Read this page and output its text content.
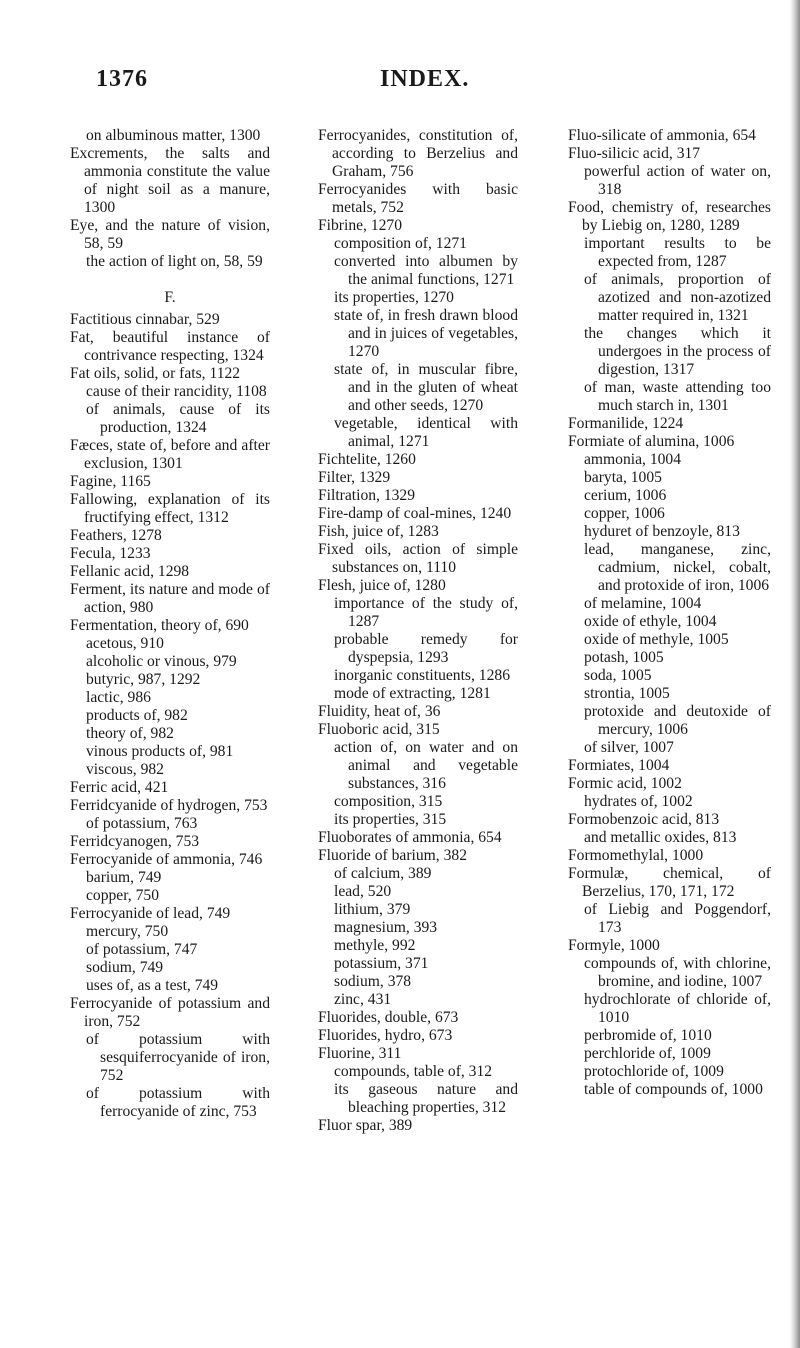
1376	INDEX.

on albuminous matter, 1300

Excrements, the salts and ammonia constitute the value of night soil as a manure, 1300

Eye, and the nature of vision, 58, 59

the action of light on, 58, 59

F.

Factitious cinnabar, 529

Fat, beautiful instance of contrivance respecting, 1324

Fat oils, solid, or fats, 1122

cause of their rancidity, 1108

of animals, cause of its production, 1324

Fæces, state of, before and after exclusion, 1301

Fagine, 1165

Fallowing, explanation of its fructifying effect, 1312

Feathers, 1278

Fecula, 1233

Fellanic acid, 1298

Ferment, its nature and mode of action, 980

Fermentation, theory of, 690

acetous, 910

alcoholic or vinous, 979

butyric, 987, 1292

lactic, 986

products of, 982

theory of, 982

vinous products of, 981

viscous, 982

Ferric acid, 421

Ferridcyanide of hydrogen, 753

of potassium, 763

Ferridcyanogen, 753

Ferrocyanide of ammonia, 746

barium, 749

copper, 750

Ferrocyanide of lead, 749

mercury, 750

of potassium, 747

sodium, 749

uses of, as a test, 749

Ferrocyanide of potassium and iron, 752

of potassium with sesquiferrocyanide of iron, 752

of potassium with ferrocyanide of zinc, 753

Ferrocyanides, constitution of, according to Berzelius and Graham, 756

Ferrocyanides with basic metals, 752

Fibrine, 1270

composition of, 1271

converted into albumen by the animal functions, 1271

its properties, 1270

state of, in fresh drawn blood and in juices of vegetables, 1270

state of, in muscular fibre, and in the gluten of wheat and other seeds, 1270

vegetable, identical with animal, 1271

Fichtelite, 1260

Filter, 1329

Filtration, 1329

Fire-damp of coal-mines, 1240

Fish, juice of, 1283

Fixed oils, action of simple substances on, 1110

Flesh, juice of, 1280

importance of the study of, 1287

probable remedy for dyspepsia, 1293

inorganic constituents, 1286

mode of extracting, 1281

Fluidity, heat of, 36

Fluoboric acid, 315

action of, on water and on animal and vegetable substances, 316

composition, 315

its properties, 315

Fluoborates of ammonia, 654

Fluoride of barium, 382

of calcium, 389

lead, 520

lithium, 379

magnesium, 393

methyle, 992

potassium, 371

sodium, 378

zinc, 431

Fluorides, double, 673

Fluorides, hydro, 673

Fluorine, 311

compounds, table of, 312

its gaseous nature and bleaching properties, 312

Fluor spar, 389

Fluo-silicate of ammonia, 654

Fluo-silicic acid, 317

powerful action of water on, 318

Food, chemistry of, researches by Liebig on, 1280, 1289

important results to be expected from, 1287

of animals, proportion of azotized and non-azotized matter required in, 1321

the changes which it undergoes in the process of digestion, 1317

of man, waste attending too much starch in, 1301

Formanilide, 1224

Formiate of alumina, 1006

ammonia, 1004

baryta, 1005

cerium, 1006

copper, 1006

hyduret of benzoyle, 813

lead, manganese, zinc, cadmium, nickel, cobalt, and protoxide of iron, 1006

of melamine, 1004

oxide of ethyle, 1004

oxide of methyle, 1005

potash, 1005

soda, 1005

strontia, 1005

protoxide and deutoxide of mercury, 1006

of silver, 1007

Formiates, 1004

Formic acid, 1002

hydrates of, 1002

Formobenzoic acid, 813

and metallic oxides, 813

Formomethylal, 1000

Formulæ, chemical, of Berzelius, 170, 171, 172

of Liebig and Poggendorf, 173

Formyle, 1000

compounds of, with chlorine, bromine, and iodine, 1007

hydrochlorate of chloride of, 1010

perbromide of, 1010

perchloride of, 1009

protochloride of, 1009

table of compounds of, 1000
